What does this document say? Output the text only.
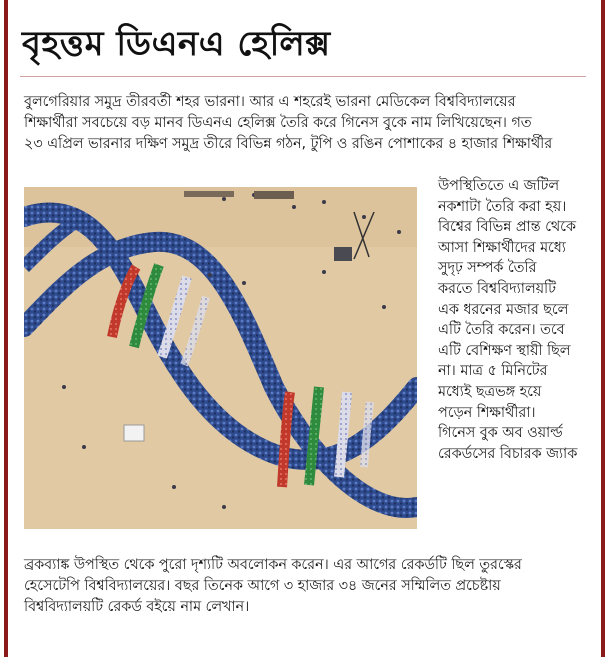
বৃহত্তম ডিএনএ হেলিক্স
বুলগেরিয়ার সমুদ্র তীরবর্তী শহর ভারনা। আর এ শহরেই ভারনা মেডিকেল বিশ্ববিদ্যালয়ের
শিক্ষার্থীরা সবচেয়ে বড় মানব ডিএনএ হেলিক্স তৈরি করে গিনেস বুকে নাম লিখিয়েছেন। গত
২৩ এপ্রিল ভারনার দক্ষিণ সমুদ্র তীরে বিভিন্ন গঠন, টুপি ও রঙিন পোশাকের ৪ হাজার শিক্ষার্থীর
উপস্থিতিতে এ জটিল
নকশাটা তৈরি করা হয়।
বিশ্বের বিভিন্ন প্রান্ত থেকে
আসা শিক্ষার্থীদের মধ্যে
সুদৃঢ় সম্পর্ক তৈরি
করতে বিশ্ববিদ্যালয়টি
এক ধরনের মজার ছলে
এটি তৈরি করেন। তবে
এটি বেশিক্ষণ স্থায়ী ছিল
না। মাত্র ৫ মিনিটের
মধ্যেই ছত্রভঙ্গ হয়ে
পড়েন শিক্ষার্থীরা।
গিনেস বুক অব ওয়ার্ল্ড
রেকর্ডসের বিচারক জ্যাক
ব্রকব্যাঙ্ক উপস্থিত থেকে পুরো দৃশ্যটি অবলোকন করেন। এর আগের রেকর্ডটি ছিল তুরস্কের
হেসেটেপি বিশ্ববিদ্যালয়ের। বছর তিনেক আগে ৩ হাজার ৩৪ জনের সম্মিলিত প্রচেষ্টায়
বিশ্ববিদ্যালয়টি রেকর্ড বইয়ে নাম লেখান।
